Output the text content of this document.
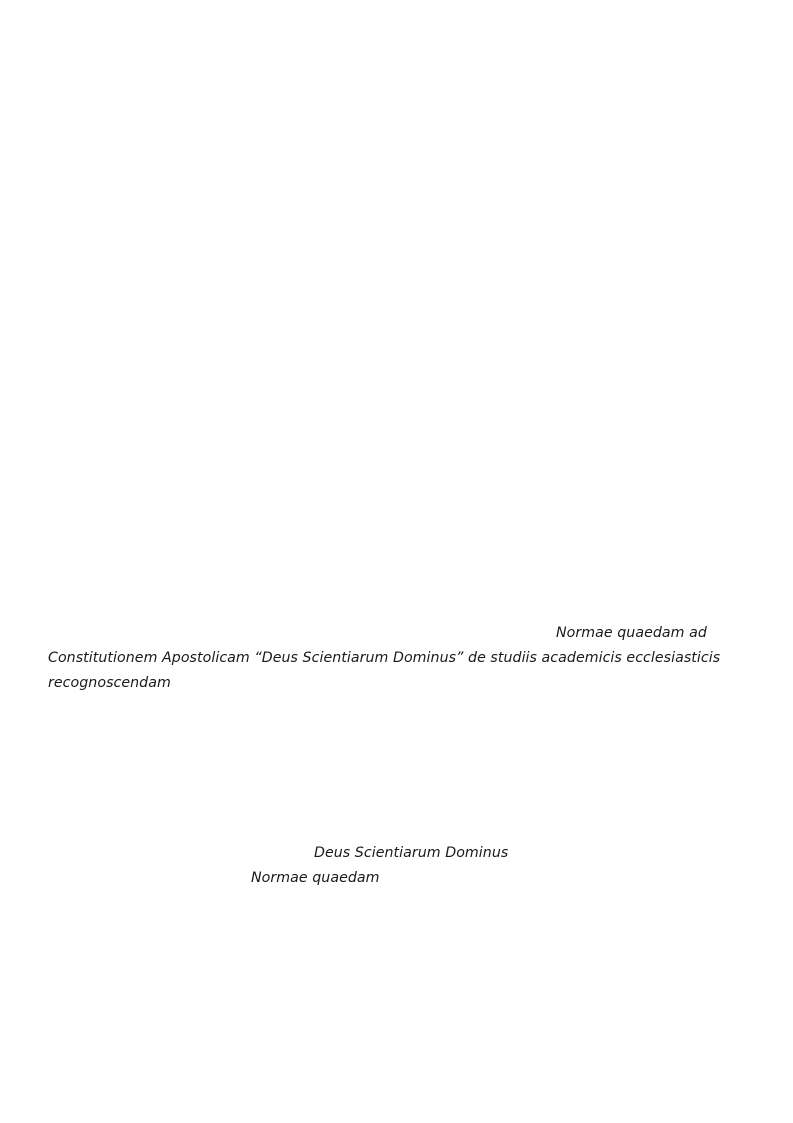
Normae quaedam ad
Constitutionem Apostolicam “Deus Scientiarum Dominus” de studiis academicis ecclesiasticis
recognoscendam
Deus Scientiarum Dominus
Normae quaedam
